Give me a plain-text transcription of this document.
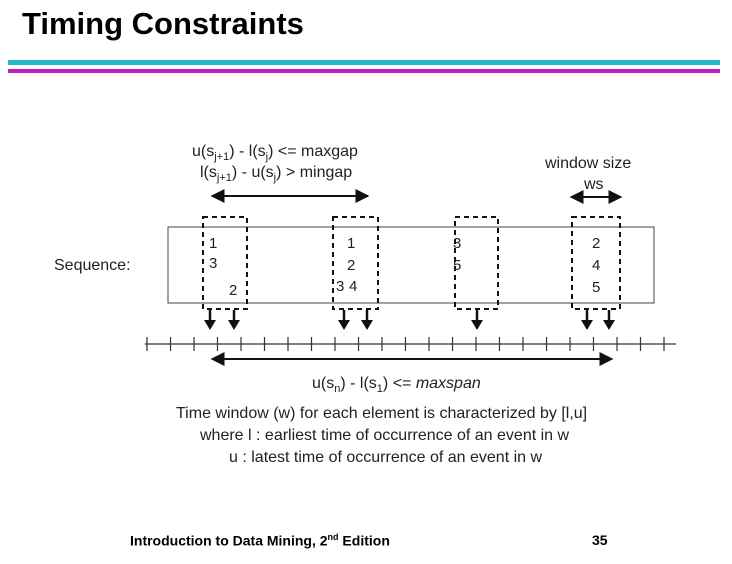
Timing Constraints
$u(s_{j+1}) - l(s_j)$ <= maxgap
$l(s_{j+1}) - u(s_j)$ > mingap
window size
ws
Sequence:
1
3
2
1
2
3 4
3
5
2
4
5
$u(s_n) - l(s_1)$ <= maxspan
Time window (w) for each element is characterized by [l,u]
where l : earliest time of occurrence of an event in w
u : latest time of occurrence of an event in w
Introduction to Data Mining, 2nd Edition	35
